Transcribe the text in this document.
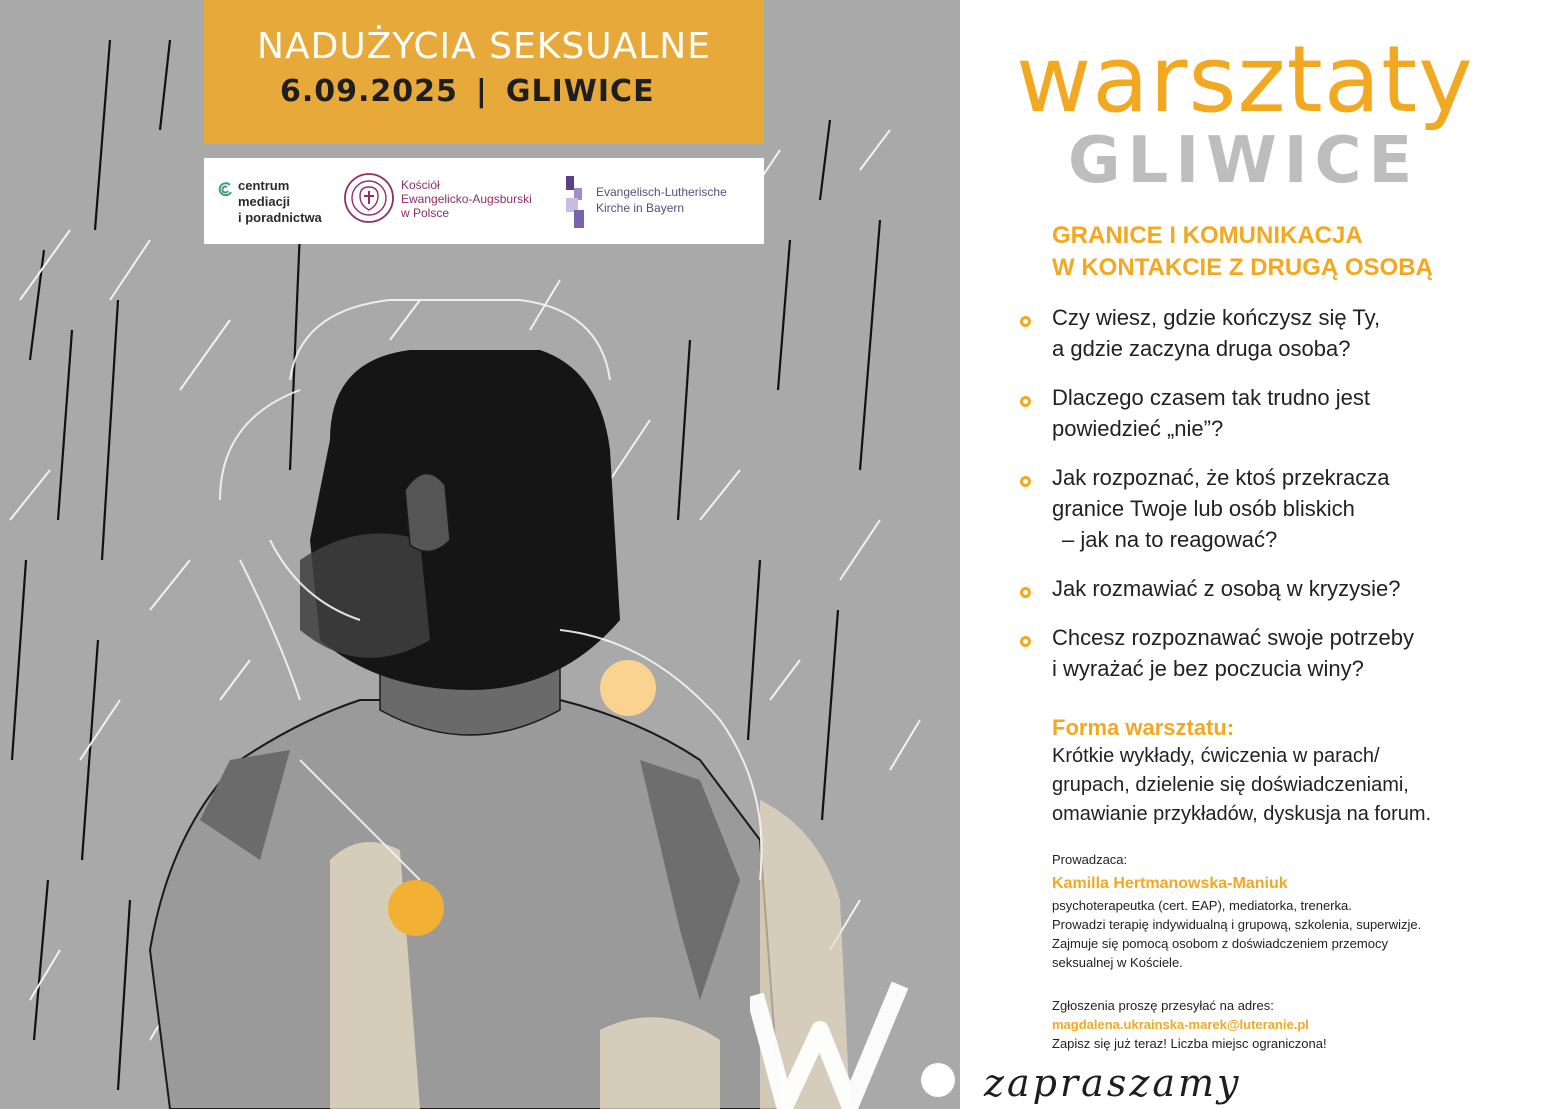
NADUŻYCIA SEKSUALNE
6.09.2025 | GLIWICE
centrum
mediacji
i poradnictwa
Kościół
Ewangelicko-Augsburski
w Polsce
Evangelisch-Lutherische
Kirche in Bayern
warsztaty
GLIWICE
GRANICE I KOMUNIKACJA
W KONTAKCIE Z DRUGĄ OSOBĄ
Czy wiesz, gdzie kończysz się Ty,
a gdzie zaczyna druga osoba?
Dlaczego czasem tak trudno jest
powiedzieć „nie”?
Jak rozpoznać, że ktoś przekracza
granice Twoje lub osób bliskich
– jak na to reagować?
Jak rozmawiać z osobą w kryzysie?
Chcesz rozpoznawać swoje potrzeby
i wyrażać je bez poczucia winy?
Forma warsztatu:
Krótkie wykłady, ćwiczenia w parach/
grupach, dzielenie się doświadczeniami,
omawianie przykładów, dyskusja na forum.
Prowadzaca:
Kamilla Hertmanowska-Maniuk
psychoterapeutka (cert. EAP), mediatorka, trenerka.
Prowadzi terapię indywidualną i grupową, szkolenia, superwizje.
Zajmuje się pomocą osobom z doświadczeniem przemocy
seksualnej w Kościele.
Zgłoszenia proszę przesyłać na adres:
magdalena.ukrainska-marek@luteranie.pl
Zapisz się już teraz! Liczba miejsc ograniczona!
zapraszamy
